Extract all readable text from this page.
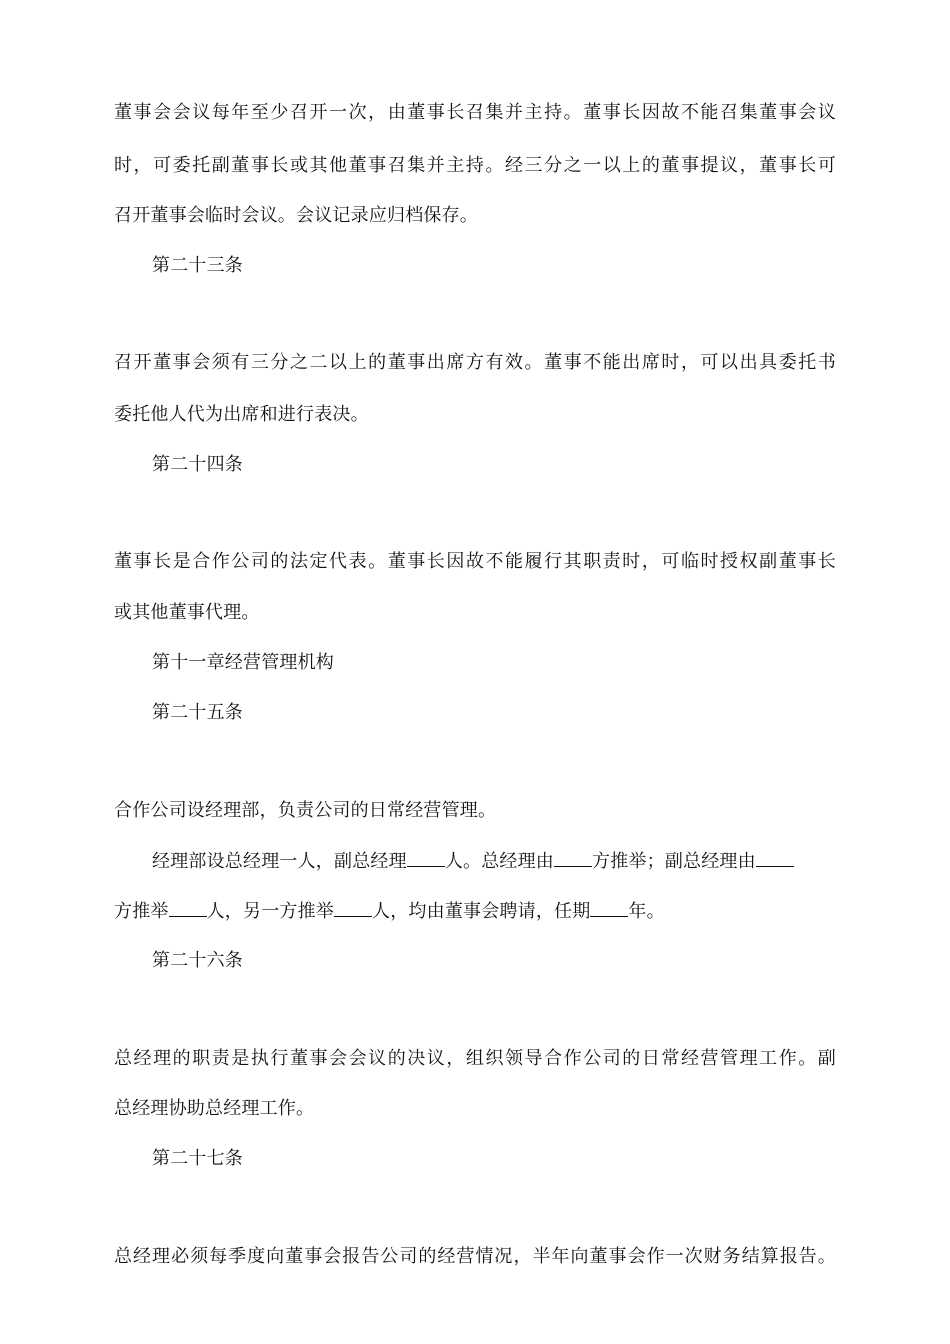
董事会会议每年至少召开一次，由董事长召集并主持。董事长因故不能召集董事会议
时，可委托副董事长或其他董事召集并主持。经三分之一以上的董事提议，董事长可
召开董事会临时会议。会议记录应归档保存。
第二十三条
召开董事会须有三分之二以上的董事出席方有效。董事不能出席时，可以出具委托书
委托他人代为出席和进行表决。
第二十四条
董事长是合作公司的法定代表。董事长因故不能履行其职责时，可临时授权副董事长
或其他董事代理。
第十一章经营管理机构
第二十五条
合作公司设经理部，负责公司的日常经营管理。
经理部设总经理一人，副总经理 人。总经理由 方推举；副总经理由
方推举 人，另一方推举 人，均由董事会聘请，任期 年。
第二十六条
总经理的职责是执行董事会会议的决议，组织领导合作公司的日常经营管理工作。副
总经理协助总经理工作。
第二十七条
总经理必须每季度向董事会报告公司的经营情况，半年向董事会作一次财务结算报告。
